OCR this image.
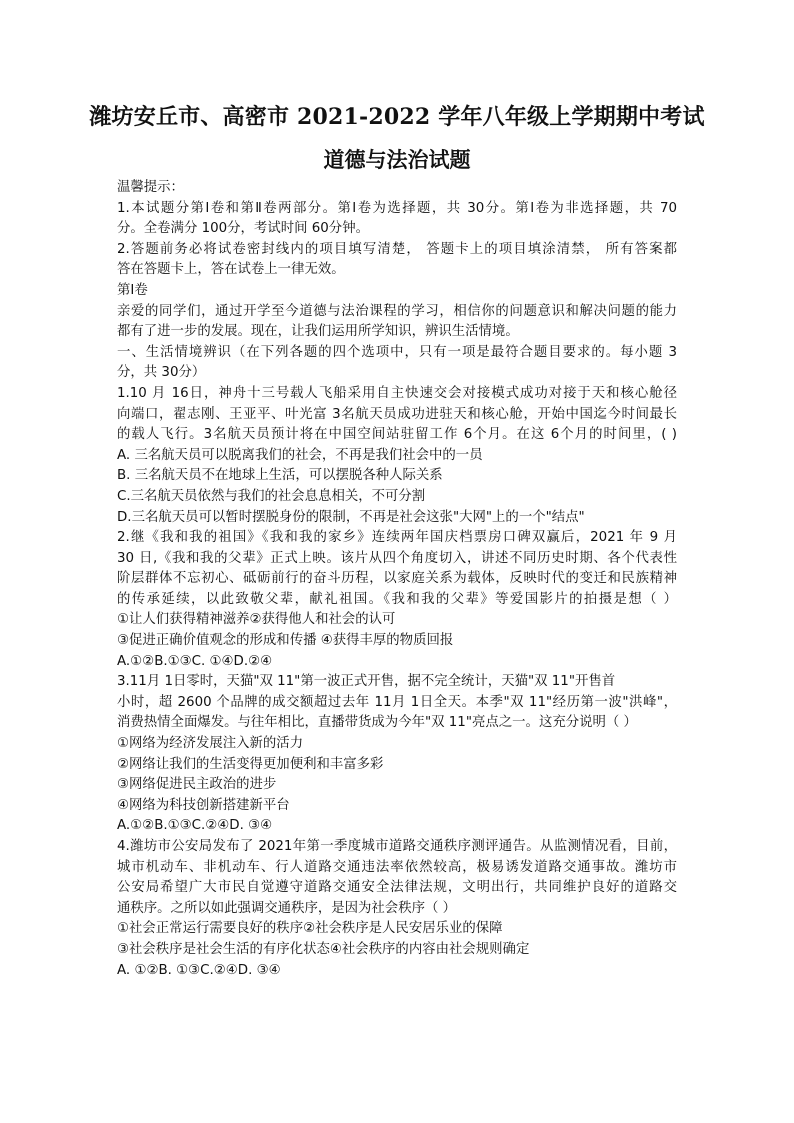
潍坊安丘市、高密市 2021-2022 学年八年级上学期期中考试
道德与法治试题
温馨提示：
1.本试题分第Ⅰ卷和第Ⅱ卷两部分。第Ⅰ卷为选择题，共 30分。第Ⅰ卷为非选择题，共 70
分。全卷满分 100分，考试时间 60分钟。
2.答题前务必将试卷密封线内的项目填写清楚， 答题卡上的项目填涂清禁， 所有答案都
答在答题卡上，答在试卷上一律无效。
第Ⅰ卷
亲爱的同学们，通过开学至今道德与法治课程的学习，相信你的问题意识和解决问题的能力
都有了进一步的发展。现在，让我们运用所学知识，辨识生活情境。
一、生活情境辨识（在下列各题的四个选项中，只有一项是最符合题目要求的。每小题 3
分，共 30分）
1.10 月 16日，神舟十三号载人飞船采用自主快速交会对接模式成功对接于天和核心舱径
向端口，翟志刚、王亚平、叶光富 3名航天员成功进驻天和核心舱，开始中国迄今时间最长
的载人飞行。3名航天员预计将在中国空间站驻留工作 6个月。在这 6个月的时间里，( )
A. 三名航天员可以脱离我们的社会，不再是我们社会中的一员
B. 三名航天员不在地球上生活，可以摆脱各种人际关系
C.三名航天员依然与我们的社会息息相关，不可分割
D.三名航天员可以暂时摆脱身份的限制，不再是社会这张"大网"上的一个"结点"
2.继《我和我的祖国》《我和我的家乡》连续两年国庆档票房口碑双赢后，2021 年 9 月
30 日,《我和我的父辈》正式上映。该片从四个角度切入，讲述不同历史时期、各个代表性
阶层群体不忘初心、砥砺前行的奋斗历程，以家庭关系为载体，反映时代的变迁和民族精神
的传承延续，以此致敬父辈，献礼祖国。《我和我的父辈》等爱国影片的拍摄是想（ ）
①让人们获得精神滋养②获得他人和社会的认可
③促进正确价值观念的形成和传播 ④获得丰厚的物质回报
A.①②B.①③C. ①④D.②④
3.11月 1日零时，天猫"双 11"第一波正式开售，据不完全统计，天猫"双 11"开售首
小时，超 2600 个品牌的成交额超过去年 11月 1日全天。本季"双 11"经历第一波"洪峰"，
消费热情全面爆发。与往年相比，直播带货成为今年"双 11"亮点之一。这充分说明（ ）
①网络为经济发展注入新的活力
②网络让我们的生活变得更加便利和丰富多彩
③网络促进民主政治的进步
④网络为科技创新搭建新平台
A.①②B.①③C.②④D. ③④
4.潍坊市公安局发布了 2021年第一季度城市道路交通秩序测评通告。从监测情况看，目前，
城市机动车、非机动车、行人道路交通违法率依然较高，极易诱发道路交通事故。潍坊市
公安局希望广大市民自觉遵守道路交通安全法律法规，文明出行，共同维护良好的道路交
通秩序。之所以如此强调交通秩序，是因为社会秩序（ ）
①社会正常运行需要良好的秩序②社会秩序是人民安居乐业的保障
③社会秩序是社会生活的有序化状态④社会秩序的内容由社会规则确定
A. ①②B. ①③C.②④D. ③④
